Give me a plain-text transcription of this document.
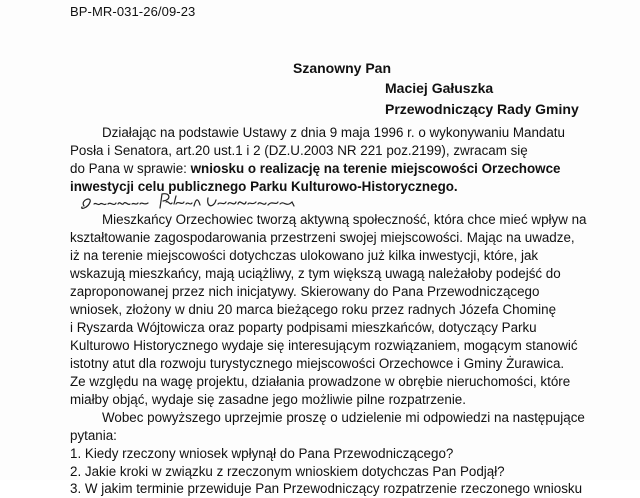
BP-MR-031-26/09-23
Szanowny Pan
Maciej Gałuszka
Przewodniczący Rady Gminy
Działając na podstawie Ustawy z dnia 9 maja 1996 r. o wykonywaniu Mandatu
Posła i Senatora, art.20 ust.1 i 2 (DZ.U.2003 NR 221 poz.2199), zwracam się
do Pana w sprawie: wniosku o realizację na terenie miejscowości Orzechowce
inwestycji celu publicznego Parku Kulturowo-Historycznego.
Mieszkańcy Orzechowiec tworzą aktywną społeczność, która chce mieć wpływ na
kształtowanie zagospodarowania przestrzeni swojej miejscowości. Mając na uwadze,
iż na terenie miejscowości dotychczas ulokowano już kilka inwestycji, które, jak
wskazują mieszkańcy, mają uciążliwy, z tym większą uwagą należałoby podejść do
zaproponowanej przez nich inicjatywy. Skierowany do Pana Przewodniczącego
wniosek, złożony w dniu 20 marca bieżącego roku przez radnych Józefa Chominę
i Ryszarda Wójtowicza oraz poparty podpisami mieszkańców, dotyczący Parku
Kulturowo Historycznego wydaje się interesującym rozwiązaniem, mogącym stanowić
istotny atut dla rozwoju turystycznego miejscowości Orzechowce i Gminy Żurawica.
Ze względu na wagę projektu, działania prowadzone w obrębie nieruchomości, które
miałby objąć, wydaje się zasadne jego możliwie pilne rozpatrzenie.
Wobec powyższego uprzejmie proszę o udzielenie mi odpowiedzi na następujące
pytania:
1. Kiedy rzeczony wniosek wpłynął do Pana Przewodniczącego?
2. Jakie kroki w związku z rzeczonym wnioskiem dotychczas Pan Podjął?
3. W jakim terminie przewiduje Pan Przewodniczący rozpatrzenie rzeczonego wniosku
